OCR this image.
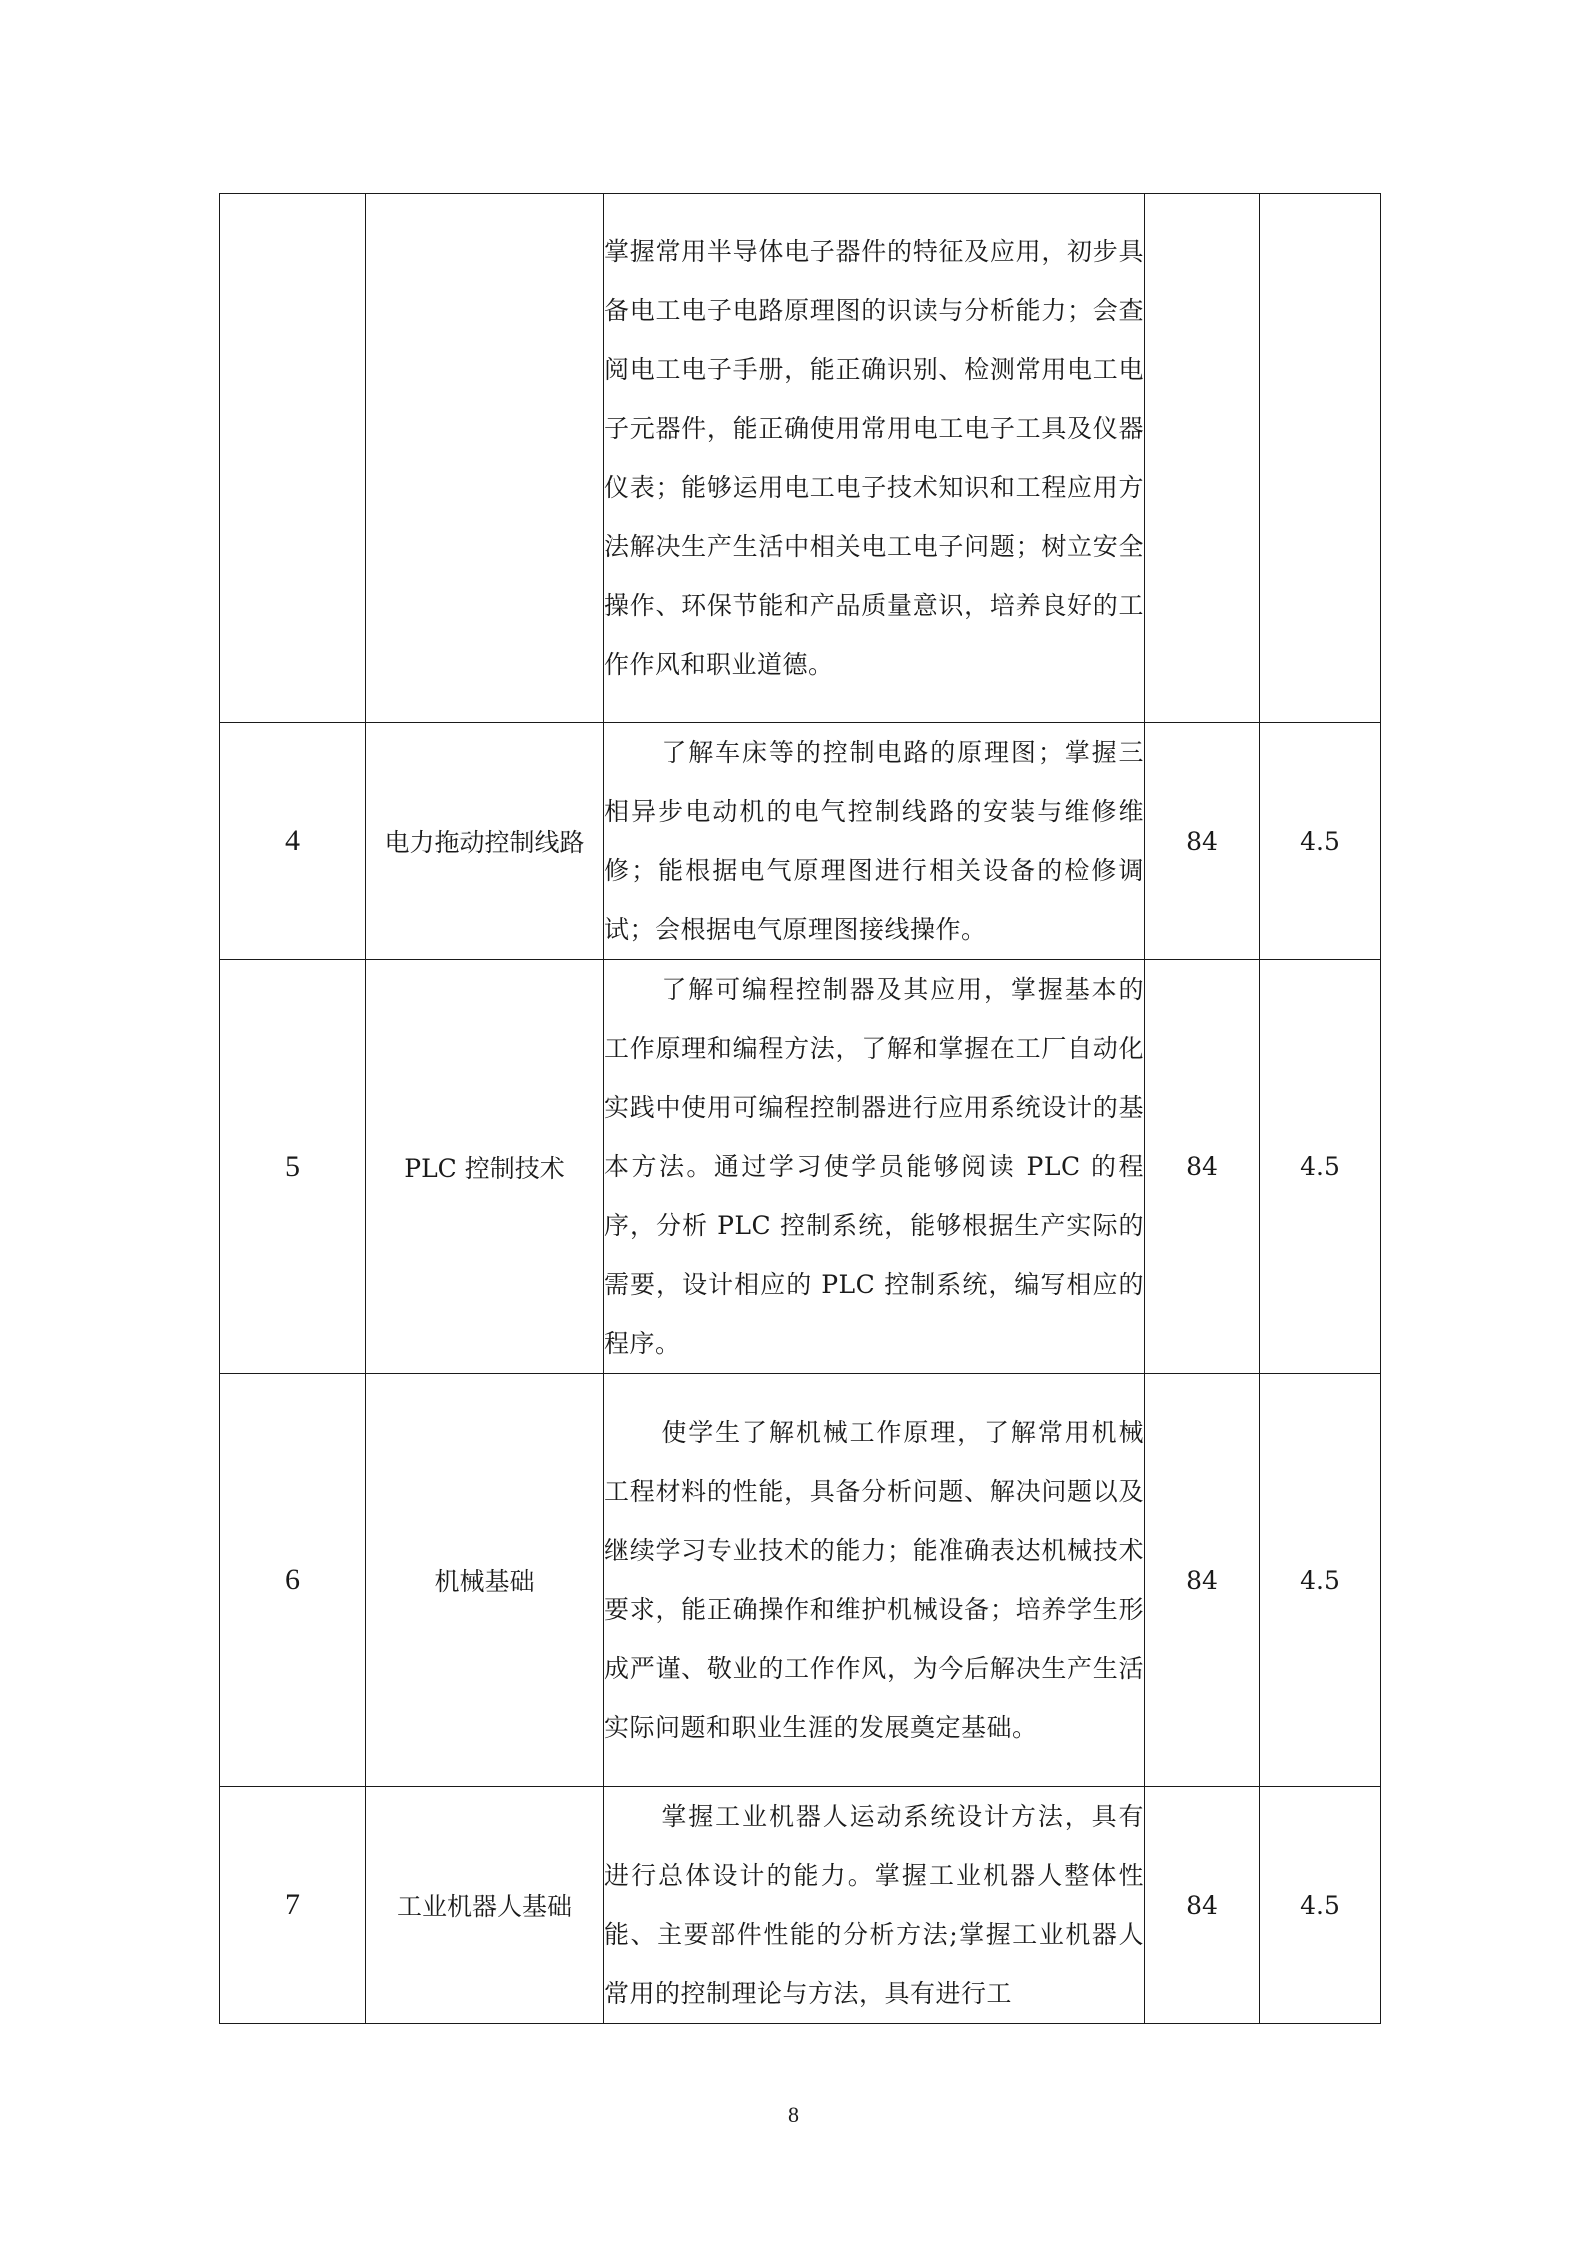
		掌握常用半导体电子器件的特征及应用，初步具备电工电子电路原理图的识读与分析能力；会查阅电工电子手册，能正确识别、检测常用电工电子元器件，能正确使用常用电工电子工具及仪器仪表；能够运用电工电子技术知识和工程应用方法解决生产生活中相关电工电子问题；树立安全操作、环保节能和产品质量意识，培养良好的工作作风和职业道德。		
4	电力拖动控制线路	了解车床等的控制电路的原理图；掌握三相异步电动机的电气控制线路的安装与维修维修；能根据电气原理图进行相关设备的检修调试；会根据电气原理图接线操作。	84	4.5
5	PLC 控制技术	了解可编程控制器及其应用，掌握基本的工作原理和编程方法，了解和掌握在工厂自动化实践中使用可编程控制器进行应用系统设计的基本方法。通过学习使学员能够阅读 PLC 的程序，分析 PLC 控制系统，能够根据生产实际的需要，设计相应的 PLC 控制系统，编写相应的程序。	84	4.5
6	机械基础	使学生了解机械工作原理，了解常用机械工程材料的性能，具备分析问题、解决问题以及继续学习专业技术的能力；能准确表达机械技术要求，能正确操作和维护机械设备；培养学生形成严谨、敬业的工作作风，为今后解决生产生活实际问题和职业生涯的发展奠定基础。	84	4.5
7	工业机器人基础	掌握工业机器人运动系统设计方法，具有进行总体设计的能力。掌握工业机器人整体性能、主要部件性能的分析方法;掌握工业机器人常用的控制理论与方法，具有进行工	84	4.5
8
